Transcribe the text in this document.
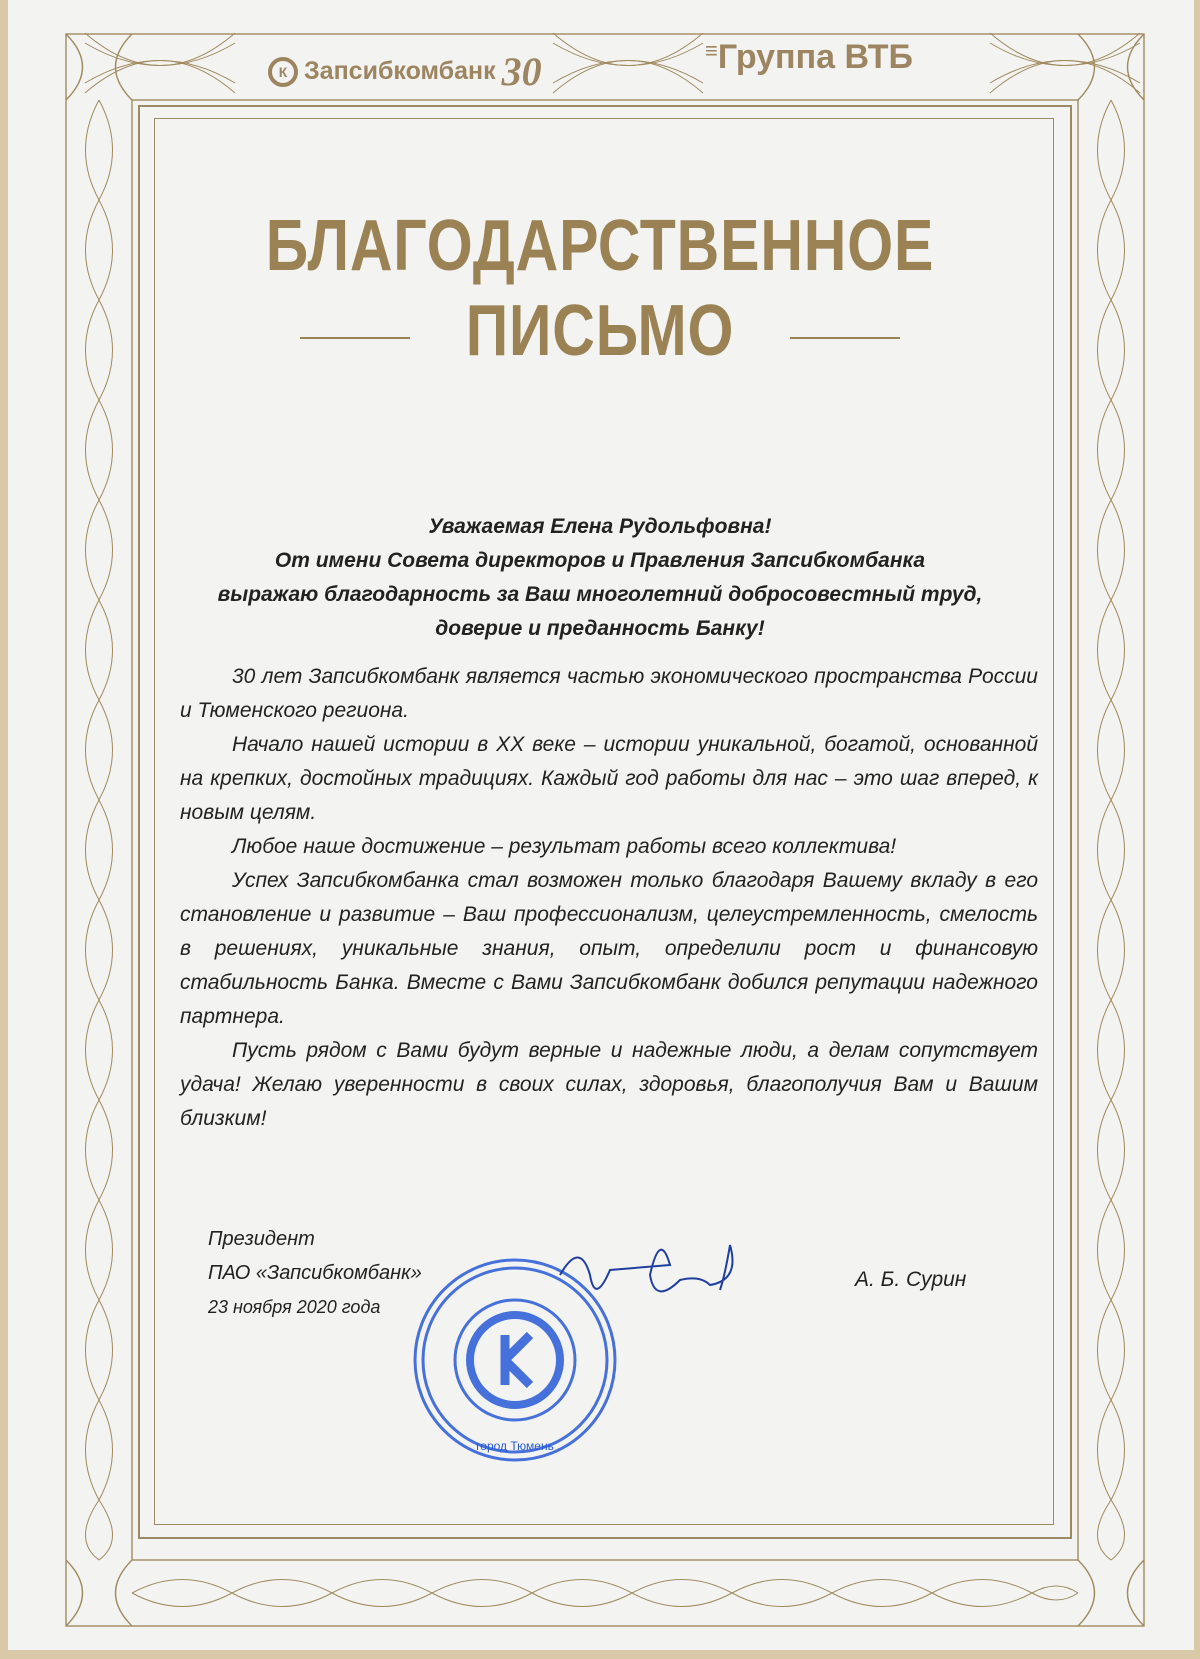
К Запсибкомбанк 30	≡Группа ВТБ
БЛАГОДАРСТВЕННОЕ
ПИСЬМО
Уважаемая Елена Рудольфовна!
От имени Совета директоров и Правления Запсибкомбанка
выражаю благодарность за Ваш многолетний добросовестный труд,
доверие и преданность Банку!

30 лет Запсибкомбанк является частью экономического пространства России и Тюменского региона.

Начало нашей истории в XX веке – истории уникальной, богатой, основанной на крепких, достойных традициях. Каждый год работы для нас – это шаг вперед, к новым целям.

Любое наше достижение – результат работы всего коллектива!

Успех Запсибкомбанка стал возможен только благодаря Вашему вкладу в его становление и развитие – Ваш профессионализм, целеустремленность, смелость в решениях, уникальные знания, опыт, определили рост и финансовую стабильность Банка. Вместе с Вами Запсибкомбанк добился репутации надежного партнера.

Пусть рядом с Вами будут верные и надежные люди, а делам сопутствует удача! Желаю уверенности в своих силах, здоровья, благополучия Вам и Вашим близким!

Президент
ПАО «Запсибкомбанк»
23 ноября 2020 года
город Тюмень
А. Б. Сурин
